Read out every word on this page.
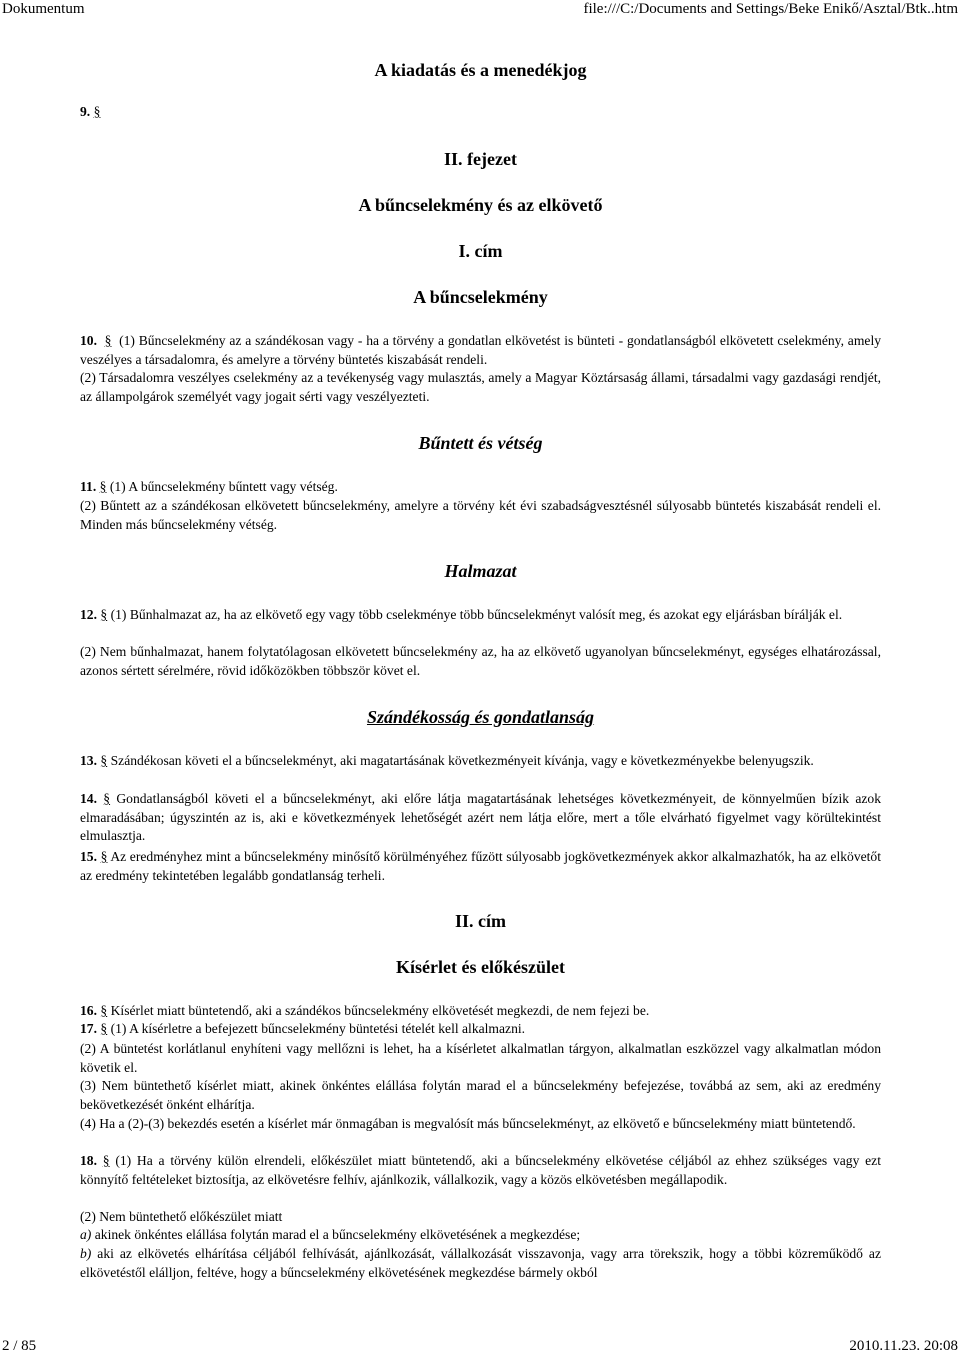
Dokumentum	file:///C:/Documents and Settings/Beke Enikő/Asztal/Btk..htm
A kiadatás és a menedékjog
9. §
II. fejezet
A bűncselekmény és az elkövető
I. cím
A bűncselekmény
10. § (1) Bűncselekmény az a szándékosan vagy - ha a törvény a gondatlan elkövetést is bünteti - gondatlanságból elkövetett cselekmény, amely veszélyes a társadalomra, és amelyre a törvény büntetés kiszabását rendeli.
(2) Társadalomra veszélyes cselekmény az a tevékenység vagy mulasztás, amely a Magyar Köztársaság állami, társadalmi vagy gazdasági rendjét, az állampolgárok személyét vagy jogait sérti vagy veszélyezteti.
Bűntett és vétség
11. § (1) A bűncselekmény bűntett vagy vétség.
(2) Bűntett az a szándékosan elkövetett bűncselekmény, amelyre a törvény két évi szabadságvesztésnél súlyosabb büntetés kiszabását rendeli el. Minden más bűncselekmény vétség.
Halmazat
12. § (1) Bűnhalmazat az, ha az elkövető egy vagy több cselekménye több bűncselekményt valósít meg, és azokat egy eljárásban bírálják el.
(2) Nem bűnhalmazat, hanem folytatólagosan elkövetett bűncselekmény az, ha az elkövető ugyanolyan bűncselekményt, egységes elhatározással, azonos sértett sérelmére, rövid időközökben többször követ el.
Szándékosság és gondatlanság
13. § Szándékosan követi el a bűncselekményt, aki magatartásának következményeit kívánja, vagy e következményekbe belenyugszik.
14. § Gondatlanságból követi el a bűncselekményt, aki előre látja magatartásának lehetséges következményeit, de könnyelműen bízik azok elmaradásában; úgyszintén az is, aki e következmények lehetőségét azért nem látja előre, mert a tőle elvárható figyelmet vagy körültekintést elmulasztja.
15. § Az eredményhez mint a bűncselekmény minősítő körülményéhez fűzött súlyosabb jogkövetkezmények akkor alkalmazhatók, ha az elkövetőt az eredmény tekintetében legalább gondatlanság terheli.
II. cím
Kísérlet és előkészület
16. § Kísérlet miatt büntetendő, aki a szándékos bűncselekmény elkövetését megkezdi, de nem fejezi be.
17. § (1) A kísérletre a befejezett bűncselekmény büntetési tételét kell alkalmazni.
(2) A büntetést korlátlanul enyhíteni vagy mellőzni is lehet, ha a kísérletet alkalmatlan tárgyon, alkalmatlan eszközzel vagy alkalmatlan módon követik el.
(3) Nem büntethető kísérlet miatt, akinek önkéntes elállása folytán marad el a bűncselekmény befejezése, továbbá az sem, aki az eredmény bekövetkezését önként elhárítja.
(4) Ha a (2)-(3) bekezdés esetén a kísérlet már önmagában is megvalósít más bűncselekményt, az elkövető e bűncselekmény miatt büntetendő.
18. § (1) Ha a törvény külön elrendeli, előkészület miatt büntetendő, aki a bűncselekmény elkövetése céljából az ehhez szükséges vagy ezt könnyítő feltételeket biztosítja, az elkövetésre felhív, ajánlkozik, vállalkozik, vagy a közös elkövetésben megállapodik.
(2) Nem büntethető előkészület miatt
a) akinek önkéntes elállása folytán marad el a bűncselekmény elkövetésének a megkezdése;
b) aki az elkövetés elhárítása céljából felhívását, ajánlkozását, vállalkozását visszavonja, vagy arra törekszik, hogy a többi közreműködő az elkövetéstől elálljon, feltéve, hogy a bűncselekmény elkövetésének megkezdése bármely okból
2 / 85	2010.11.23. 20:08
